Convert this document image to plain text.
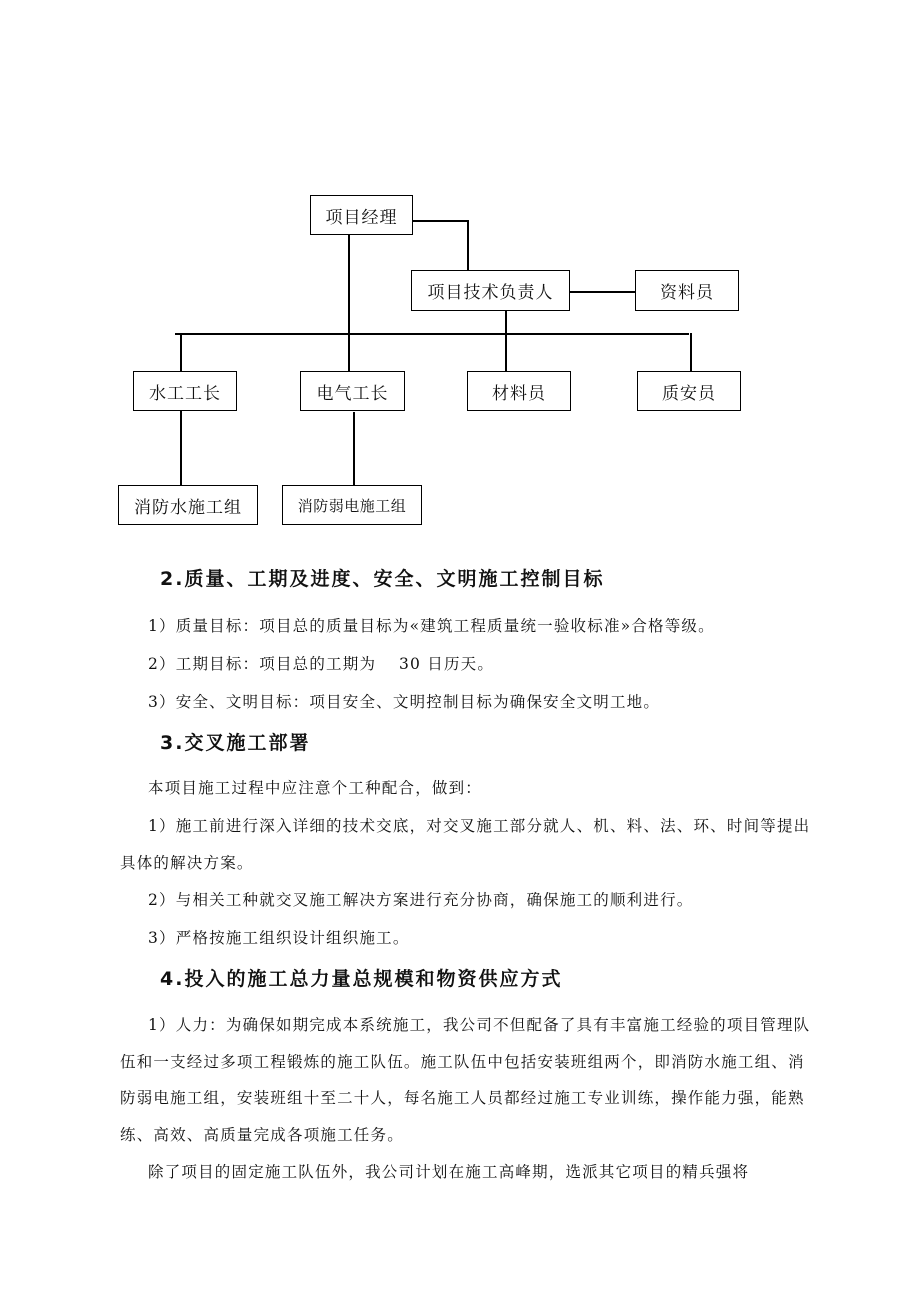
项目经理
项目技术负责人	资料员
水工工长	电气工长	材料员	质安员
消防水施工组	消防弱电施工组
2.质量、工期及进度、安全、文明施工控制目标
1）质量目标：项目总的质量目标为«建筑工程质量统一验收标准»合格等级。
2）工期目标：项目总的工期为　 30 日历天。
3）安全、文明目标：项目安全、文明控制目标为确保安全文明工地。
3.交叉施工部署
本项目施工过程中应注意个工种配合，做到：
1）施工前进行深入详细的技术交底，对交叉施工部分就人、机、料、法、环、时间等提出具体的解决方案。
2）与相关工种就交叉施工解决方案进行充分协商，确保施工的顺利进行。
3）严格按施工组织设计组织施工。
4.投入的施工总力量总规模和物资供应方式
1）人力：为确保如期完成本系统施工，我公司不但配备了具有丰富施工经验的项目管理队伍和一支经过多项工程锻炼的施工队伍。施工队伍中包括安装班组两个，即消防水施工组、消防弱电施工组，安装班组十至二十人，每名施工人员都经过施工专业训练，操作能力强，能熟练、高效、高质量完成各项施工任务。
除了项目的固定施工队伍外，我公司计划在施工高峰期，选派其它项目的精兵强将
